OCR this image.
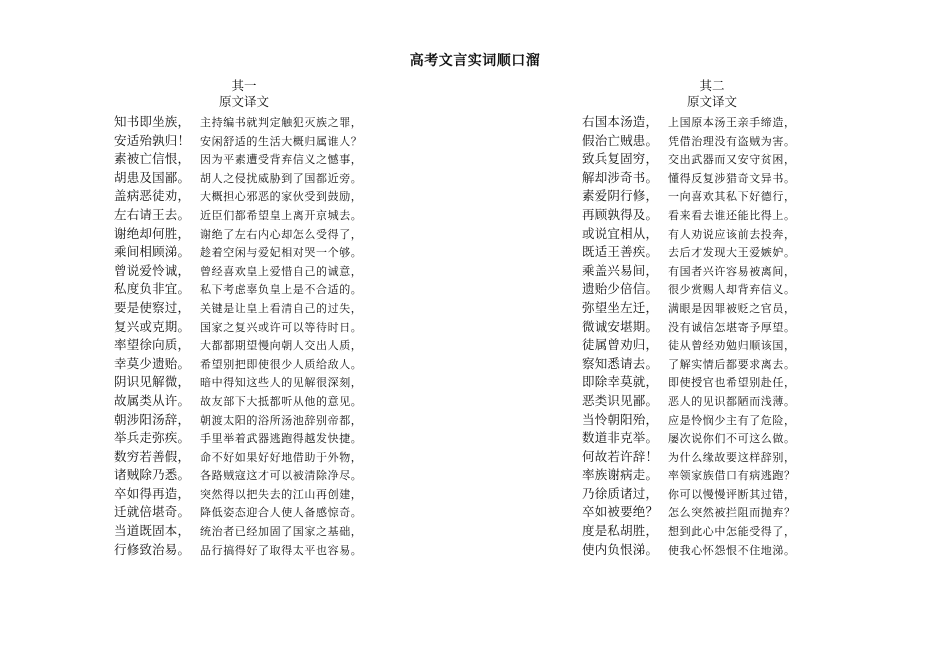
高考文言实词顺口溜
其一
原文译文
知书即坐族， 主持编书就判定触犯灭族之罪，
安适殆孰归！ 安闲舒适的生活大概归属谁人？
素被亡信恨， 因为平素遭受背弃信义之憾事，
胡患及国鄙。 胡人之侵扰威胁到了国都近旁。
盖病恶徒劝， 大概担心邪恶的家伙受到鼓励，
左右请王去。 近臣们都希望皇上离开京城去。
谢绝却何胜， 谢绝了左右内心却怎么受得了，
乘间相顾涕。 趁着空闲与爱妃相对哭一个够。
曾说爱怜诚， 曾经喜欢皇上爱惜自己的诚意，
私度负非宜。 私下考虑辜负皇上是不合适的。
要是使察过， 关键是让皇上看清自己的过失，
复兴或克期。 国家之复兴或许可以等待时日。
率望徐向质， 大都都期望慢向朝人交出人质，
幸莫少遗贻。 希望别把即使很少人质给敌人。
阴识见解微， 暗中得知这些人的见解很深刻，
故属类从许。 故友部下大抵都听从他的意见。
朝涉阳汤辞， 朝渡太阳的浴所汤池辞别帝都，
举兵走弥疾。 手里举着武器逃跑得越发快捷。
数穷若善假， 命不好如果好好地借助于外物，
诸贼除乃悉。 各路贼寇这才可以被清除净尽。
卒如得再造， 突然得以把失去的江山再创建，
迁就倍堪奇。 降低姿态迎合人使人备感惊奇。
当道既固本， 统治者已经加固了国家之基础，
行修致治易。 品行搞得好了取得太平也容易。
其二
原文译文
右国本汤造， 上国原本汤王亲手缔造，
假治亡贼患。 凭借治理没有盗贼为害。
致兵复固穷， 交出武器而又安守贫困，
解却涉奇书。 懂得反复涉猎奇文异书。
素爱阴行修， 一向喜欢其私下好德行，
再顾孰得及。 看来看去谁还能比得上。
或说宜相从， 有人劝说应该前去投奔，
既适王善疾。 去后才发现大王爱嫉妒。
乘盖兴易间， 有国者兴许容易被离间，
遗贻少倍信。 很少赏赐人却背弃信义。
弥望坐左迁， 满眼是因罪被贬之官员，
微诚安堪期。 没有诚信怎堪寄予厚望。
徒属曾劝归， 徒从曾经劝勉归顺该国，
察知悉请去。 了解实情后都要求离去。
即除幸莫就， 即使授官也希望别赴任，
恶类识见鄙。 恶人的见识都陋而浅薄。
当怜朝阳殆， 应是怜悯少主有了危险，
数道非克举。 屡次说你们不可这么做。
何故若许辞！ 为什么缘故要这样辞别，
率族谢病走。 率领家族借口有病逃跑？
乃徐质诸过， 你可以慢慢评断其过错，
卒如被要绝？ 怎么突然被拦阻而抛弃？
度是私胡胜， 想到此心中怎能受得了，
使内负恨涕。 使我心怀怨恨不住地涕。
